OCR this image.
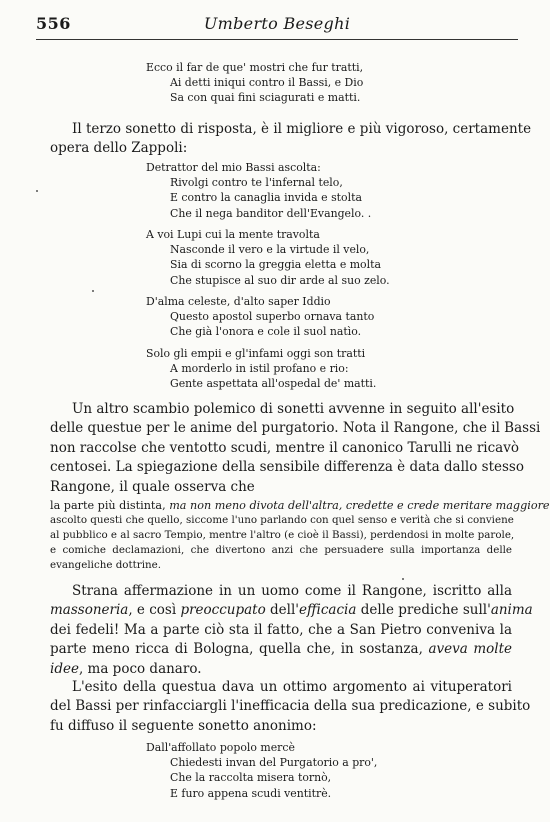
556	Umberto Beseghi
Ecco il far de que' mostri che fur tratti,
Ai detti iniqui contro il Bassi, e Dio
Sa con quai fini sciagurati e matti.
Il terzo sonetto di risposta, è il migliore e più vigoroso, certamente
opera dello Zappoli:
Detrattor del mio Bassi ascolta:
Rivolgi contro te l'infernal telo,
E contro la canaglia invida e stolta
Che il nega banditor dell'Evangelo. .
A voi Lupi cui la mente travolta
Nasconde il vero e la virtude il velo,
Sia di scorno la greggia eletta e molta
Che stupisce al suo dir arde al suo zelo.
D'alma celeste, d'alto saper Iddio
Questo apostol superbo ornava tanto
Che già l'onora e cole il suol natìo.
Solo gli empii e gl'infami oggi son tratti
A morderlo in istil profano e rio:
Gente aspettata all'ospedal de' matti.
Un altro scambio polemico di sonetti avvenne in seguito all'esito
delle questue per le anime del purgatorio. Nota il Rangone, che il Bassi
non raccolse che ventotto scudi, mentre il canonico Tarulli ne ricavò
centosei. La spiegazione della sensibile differenza è data dallo stesso
Rangone, il quale osserva che
la parte più distinta, ma non meno divota dell'altra, credette e crede meritare maggiore
ascolto questi che quello, siccome l'uno parlando con quel senso e verità che si conviene
al pubblico e al sacro Tempio, mentre l'altro (e cioè il Bassi), perdendosi in molte parole,
e comiche declamazioni, che divertono anzi che persuadere sulla importanza delle
evangeliche dottrine.
Strana affermazione in un uomo come il Rangone, iscritto alla
massoneria, e così preoccupato dell'efficacia delle prediche sull'anima
dei fedeli! Ma a parte ciò sta il fatto, che a San Pietro conveniva la
parte meno ricca di Bologna, quella che, in sostanza, aveva molte
idee, ma poco danaro.
L'esito della questua dava un ottimo argomento ai vituperatori
del Bassi per rinfacciargli l'inefficacia della sua predicazione, e subito
fu diffuso il seguente sonetto anonimo:
Dall'affollato popolo mercè
Chiedesti invan del Purgatorio a pro',
Che la raccolta misera tornò,
E furo appena scudi ventitrè.
